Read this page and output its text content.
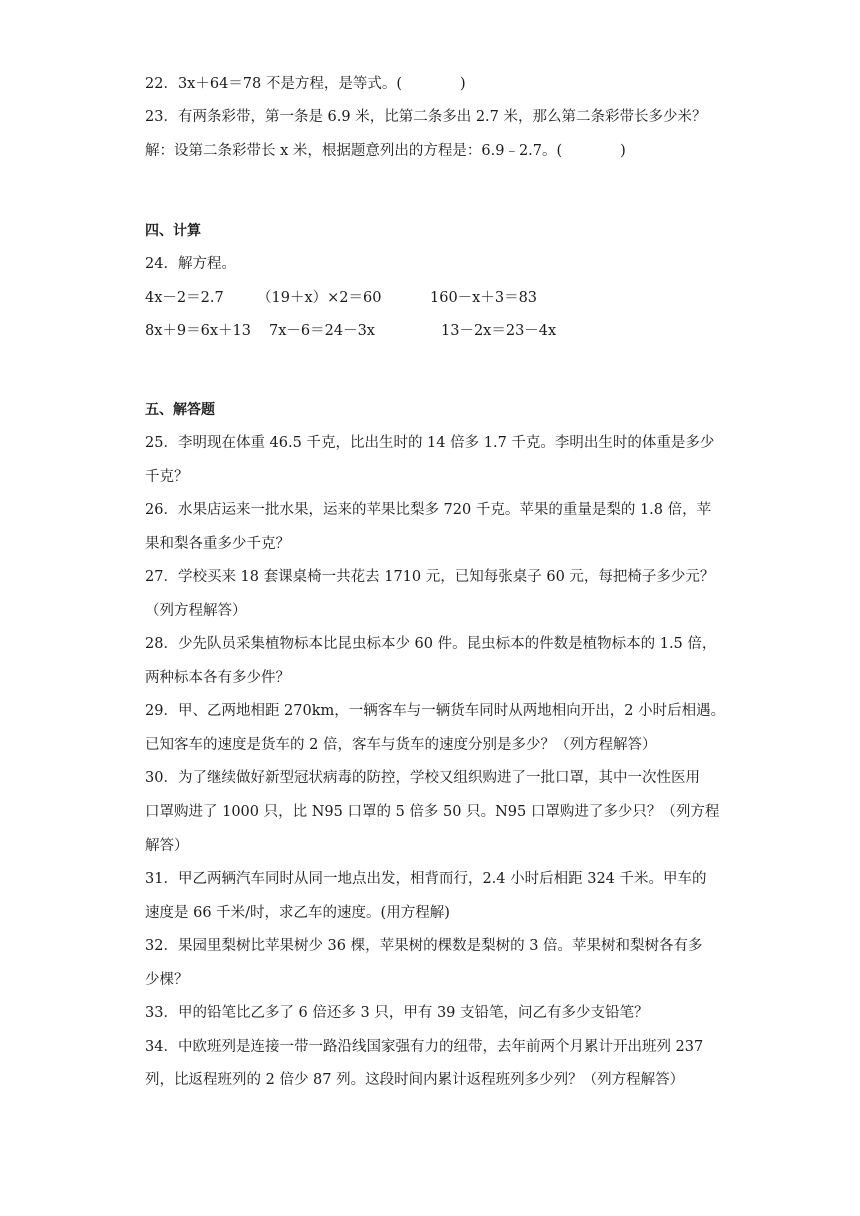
22．3x＋64＝78 不是方程，是等式。(　　　　)
23．有两条彩带，第一条是 6.9 米，比第二条多出 2.7 米，那么第二条彩带长多少米？
解：设第二条彩带长 x 米，根据题意列出的方程是：6.9﹣2.7。(　　　　)
四、计算
24．解方程。
4x－2＝2.7 （19＋x）×2＝60	160－x＋3＝83
8x＋9＝6x＋13 7x－6＝24－3x	13－2x＝23－4x
五、解答题
25．李明现在体重 46.5 千克，比出生时的 14 倍多 1.7 千克。李明出生时的体重是多少
千克？
26．水果店运来一批水果，运来的苹果比梨多 720 千克。苹果的重量是梨的 1.8 倍，苹
果和梨各重多少千克？
27．学校买来 18 套课桌椅一共花去 1710 元，已知每张桌子 60 元，每把椅子多少元？
（列方程解答）
28．少先队员采集植物标本比昆虫标本少 60 件。昆虫标本的件数是植物标本的 1.5 倍，
两种标本各有多少件？
29．甲、乙两地相距 270km，一辆客车与一辆货车同时从两地相向开出，2 小时后相遇。
已知客车的速度是货车的 2 倍，客车与货车的速度分别是多少？（列方程解答）
30．为了继续做好新型冠状病毒的防控，学校又组织购进了一批口罩，其中一次性医用
口罩购进了 1000 只，比 N95 口罩的 5 倍多 50 只。N95 口罩购进了多少只？（列方程
解答）
31．甲乙两辆汽车同时从同一地点出发，相背而行，2.4 小时后相距 324 千米。甲车的
速度是 66 千米/时，求乙车的速度。(用方程解)
32．果园里梨树比苹果树少 36 棵，苹果树的棵数是梨树的 3 倍。苹果树和梨树各有多
少棵？
33．甲的铅笔比乙多了 6 倍还多 3 只，甲有 39 支铅笔，问乙有多少支铅笔？
34．中欧班列是连接一带一路沿线国家强有力的纽带，去年前两个月累计开出班列 237
列，比返程班列的 2 倍少 87 列。这段时间内累计返程班列多少列？（列方程解答）
